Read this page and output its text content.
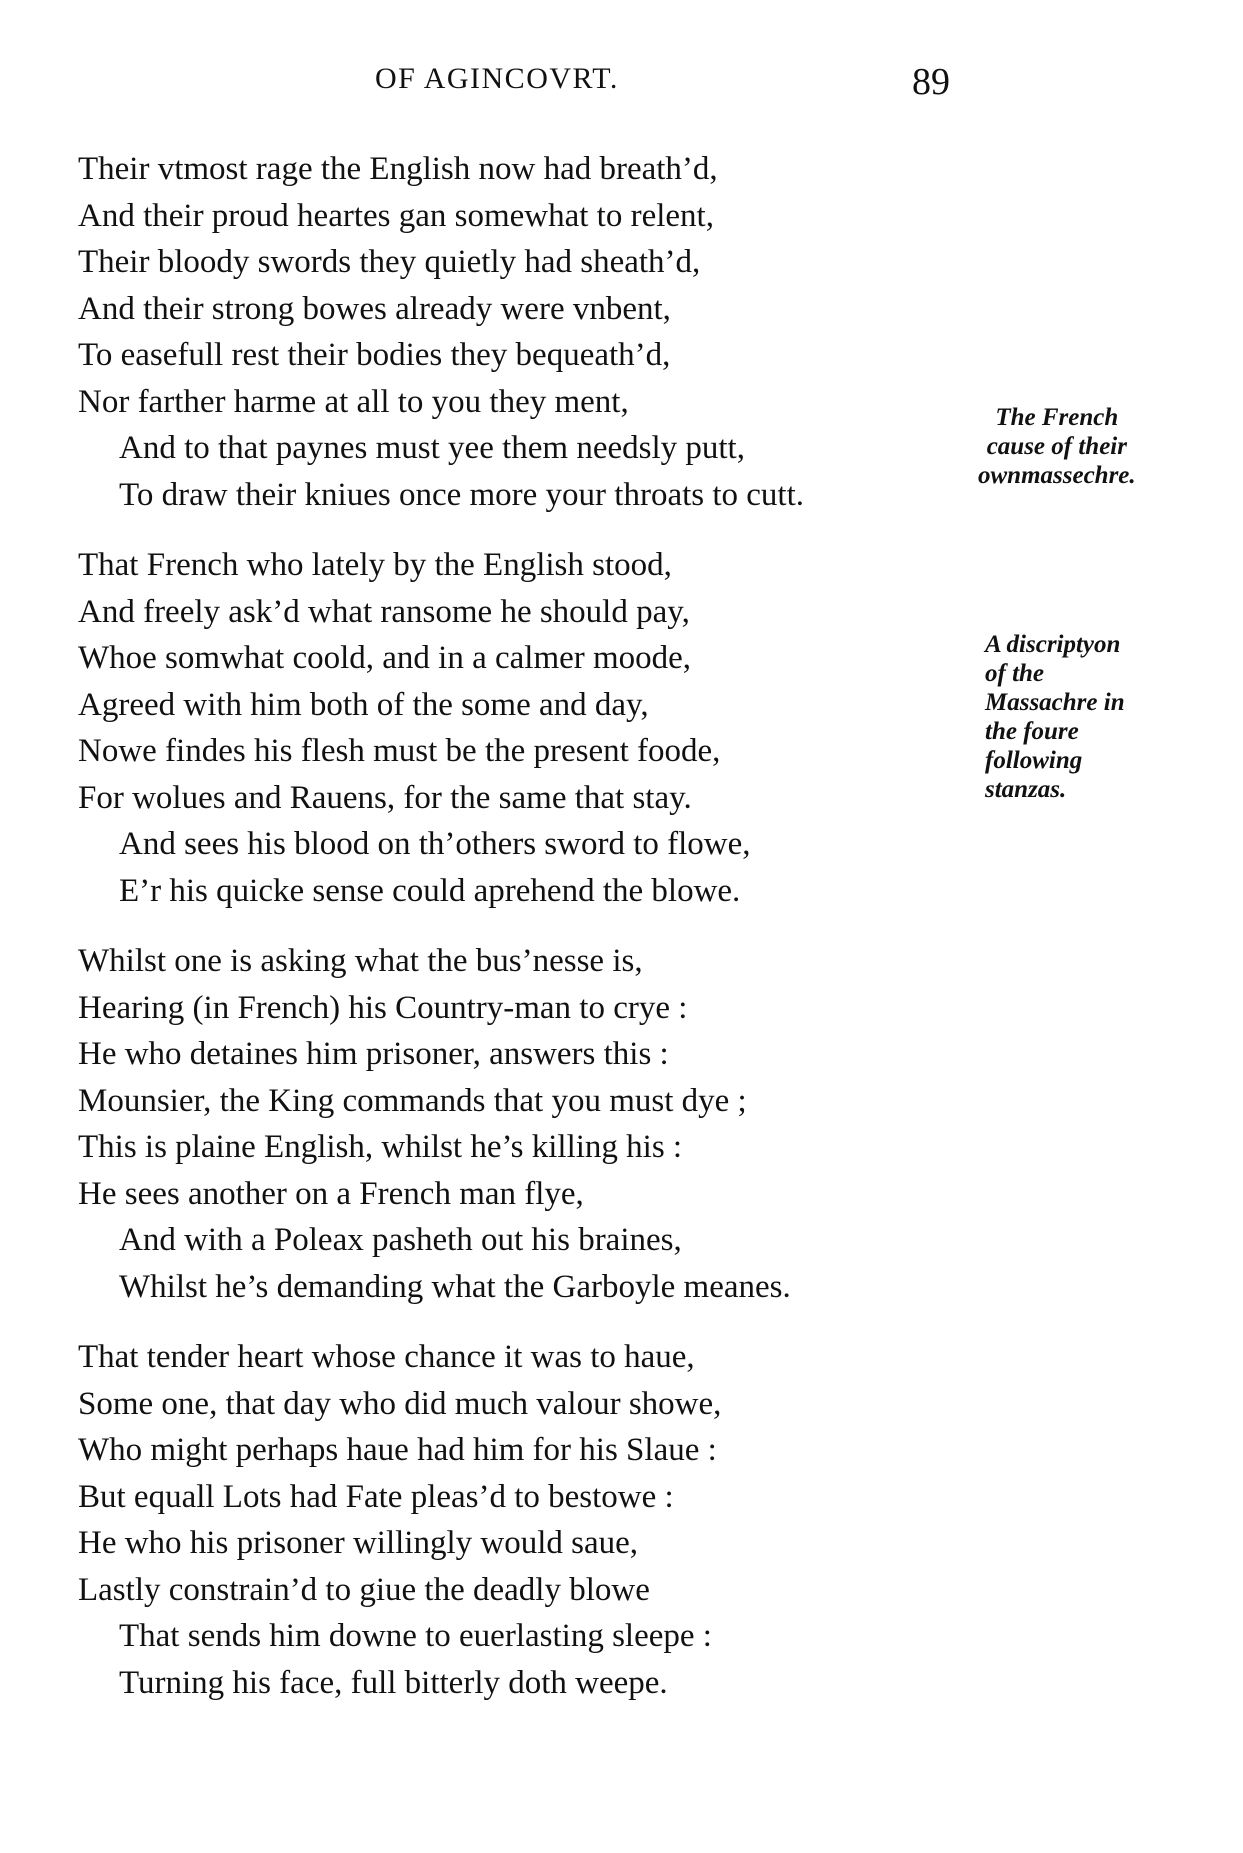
OF AGINCOVRT.	89
Their vtmost rage the English now had breath’d,
And their proud heartes gan somewhat to relent,
Their bloody swords they quietly had sheath’d,
And their strong bowes already were vnbent,
To easefull rest their bodies they bequeath’d,
Nor farther harme at all to you they ment,
And to that paynes must yee them needsly putt,
To draw their kniues once more your throats to cutt.
That French who lately by the English stood,
And freely ask’d what ransome he should pay,
Whoe somwhat coold, and in a calmer moode,
Agreed with him both of the some and day,
Nowe findes his flesh must be the present foode,
For wolues and Rauens, for the same that stay.
And sees his blood on th’others sword to flowe,
E’r his quicke sense could aprehend the blowe.
Whilst one is asking what the bus’nesse is,
Hearing (in French) his Country-man to crye :
He who detaines him prisoner, answers this :
Mounsier, the King commands that you must dye ;
This is plaine English, whilst he’s killing his :
He sees another on a French man flye,
And with a Poleax pasheth out his braines,
Whilst he’s demanding what the Garboyle meanes.
That tender heart whose chance it was to haue,
Some one, that day who did much valour showe,
Who might perhaps haue had him for his Slaue :
But equall Lots had Fate pleas’d to bestowe :
He who his prisoner willingly would saue,
Lastly constrain’d to giue the deadly blowe
That sends him downe to euerlasting sleepe :
Turning his face, full bitterly doth weepe.
The French
cause of their
ownmassechre.
A discriptyon
of the
Massachre in
the foure
following
stanzas.
